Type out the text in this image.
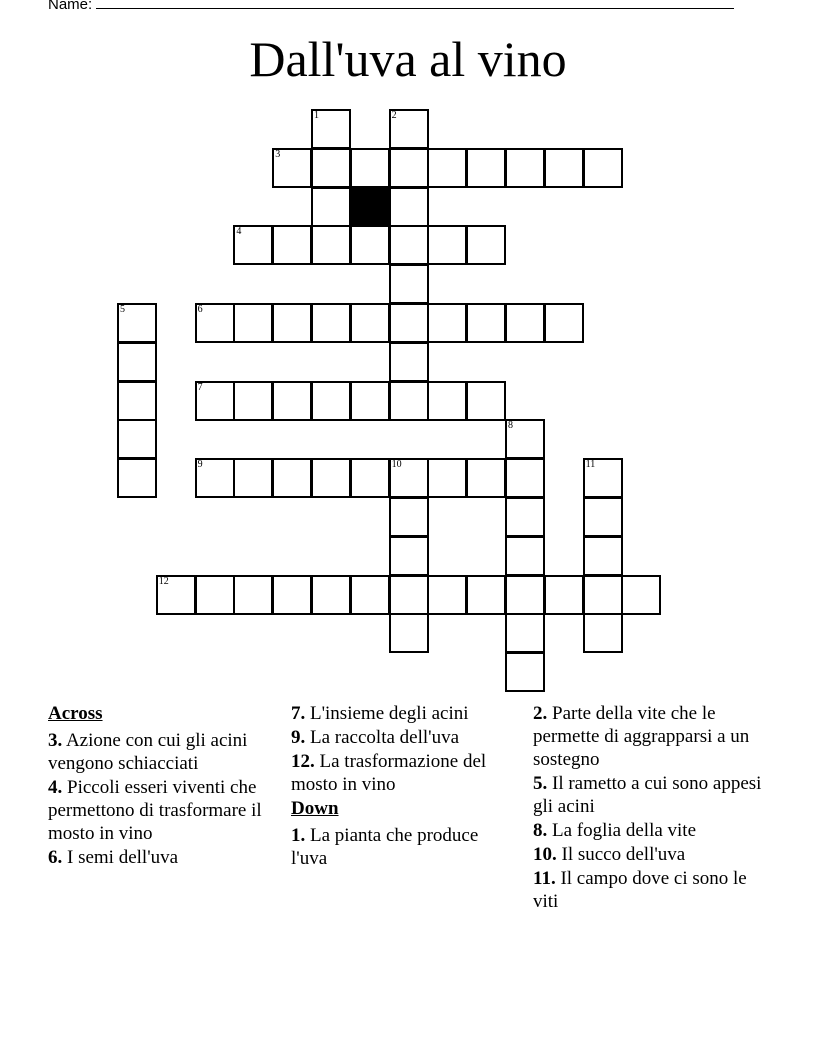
Name:
Dall'uva al vino
1	2
3
4
5	6
7
8
9	10	11
12
Across
3. Azione con cui gli acini vengono schiacciati
4. Piccoli esseri viventi che permettono di trasformare il mosto in vino
6. I semi dell'uva
7. L'insieme degli acini
9. La raccolta dell'uva
12. La trasformazione del mosto in vino
Down
1. La pianta che produce l'uva
2. Parte della vite che le permette di aggrapparsi a un sostegno
5. Il rametto a cui sono appesi gli acini
8. La foglia della vite
10. Il succo dell'uva
11. Il campo dove ci sono le viti
